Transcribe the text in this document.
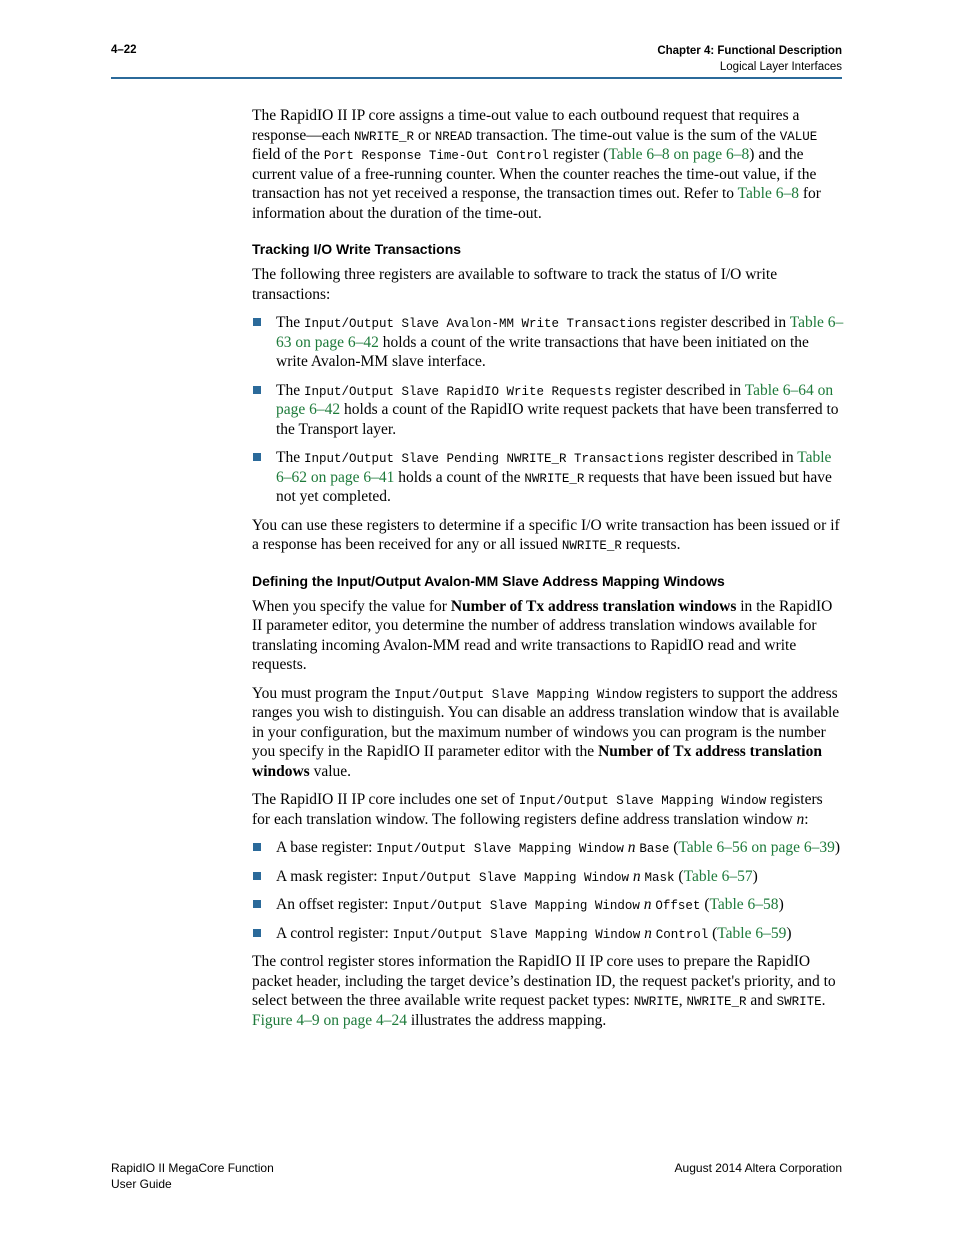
4–22	Chapter 4: Functional Description
Logical Layer Interfaces

The RapidIO II IP core assigns a time-out value to each outbound request that requires a response—each NWRITE_R or NREAD transaction. The time-out value is the sum of the VALUE field of the Port Response Time-Out Control register (Table 6–8 on page 6–8) and the current value of a free-running counter. When the counter reaches the time-out value, if the transaction has not yet received a response, the transaction times out. Refer to Table 6–8 for information about the duration of the time-out.

Tracking I/O Write Transactions

The following three registers are available to software to track the status of I/O write transactions:

The Input/Output Slave Avalon-MM Write Transactions register described in Table 6–63 on page 6–42 holds a count of the write transactions that have been initiated on the write Avalon-MM slave interface.
The Input/Output Slave RapidIO Write Requests register described in Table 6–64 on page 6–42 holds a count of the RapidIO write request packets that have been transferred to the Transport layer.
The Input/Output Slave Pending NWRITE_R Transactions register described in Table 6–62 on page 6–41 holds a count of the NWRITE_R requests that have been issued but have not yet completed.

You can use these registers to determine if a specific I/O write transaction has been issued or if a response has been received for any or all issued NWRITE_R requests.

Defining the Input/Output Avalon-MM Slave Address Mapping Windows

When you specify the value for Number of Tx address translation windows in the RapidIO II parameter editor, you determine the number of address translation windows available for translating incoming Avalon-MM read and write transactions to RapidIO read and write requests.

You must program the Input/Output Slave Mapping Window registers to support the address ranges you wish to distinguish. You can disable an address translation window that is available in your configuration, but the maximum number of windows you can program is the number you specify in the RapidIO II parameter editor with the Number of Tx address translation windows value.

The RapidIO II IP core includes one set of Input/Output Slave Mapping Window registers for each translation window. The following registers define address translation window n:

A base register: Input/Output Slave Mapping Window n Base (Table 6–56 on page 6–39)
A mask register: Input/Output Slave Mapping Window n Mask (Table 6–57)
An offset register: Input/Output Slave Mapping Window n Offset (Table 6–58)
A control register: Input/Output Slave Mapping Window n Control (Table 6–59)

The control register stores information the RapidIO II IP core uses to prepare the RapidIO packet header, including the target device’s destination ID, the request packet's priority, and to select between the three available write request packet types: NWRITE, NWRITE_R and SWRITE. Figure 4–9 on page 4–24 illustrates the address mapping.

RapidIO II MegaCore Function
User Guide
August 2014 Altera Corporation
